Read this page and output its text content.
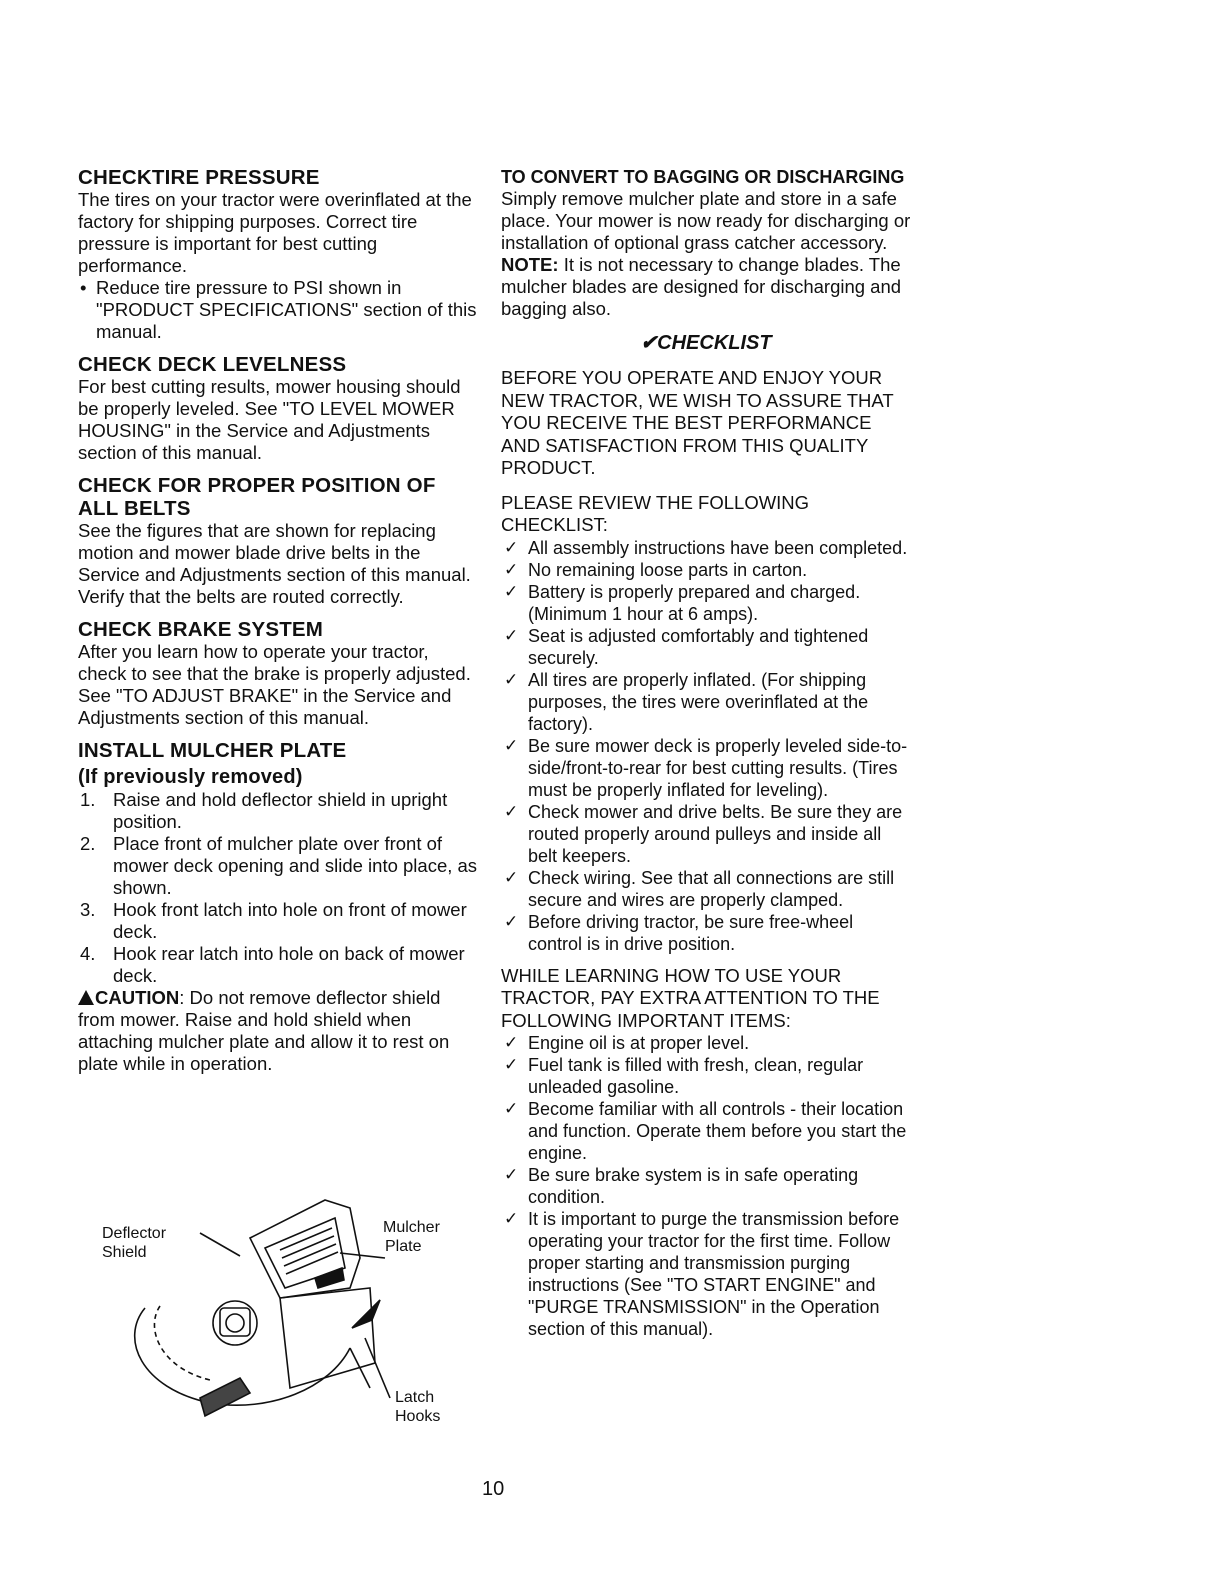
CHECKTIRE PRESSURE

The tires on your tractor were overinflated at the factory for shipping purposes. Correct tire pressure is important for best cutting performance.

• Reduce tire pressure to PSI shown in "PRODUCT SPECIFICATIONS" section of this manual.
CHECK DECK LEVELNESS

For best cutting results, mower housing should be properly leveled. See "TO LEVEL MOWER HOUSING" in the Service and Adjustments section of this manual.

CHECK FOR PROPER POSITION OF ALL BELTS

See the figures that are shown for replacing motion and mower blade drive belts in the Service and Adjustments section of this manual. Verify that the belts are routed correctly.

CHECK BRAKE SYSTEM

After you learn how to operate your tractor, check to see that the brake is properly adjusted. See "TO ADJUST BRAKE" in the Service and Adjustments section of this manual.

INSTALL MULCHER PLATE
(If previously removed)
1. Raise and hold deflector shield in upright position.
2. Place front of mulcher plate over front of mower deck opening and slide into place, as shown.
3. Hook front latch into hole on front of mower deck.
4. Hook rear latch into hole on back of mower deck.

CAUTION: Do not remove deflector shield from mower. Raise and hold shield when attaching mulcher plate and allow it to rest on plate while in operation.

Deflector
Shield
Mulcher
Plate
Latch
Hooks
TO CONVERT TO BAGGING OR DISCHARGING

Simply remove mulcher plate and store in a safe place. Your mower is now ready for discharging or installation of optional grass catcher accessory.

NOTE: It is not necessary to change blades. The mulcher blades are designed for discharging and bagging also.

✔CHECKLIST

BEFORE YOU OPERATE AND ENJOY YOUR NEW TRACTOR, WE WISH TO ASSURE THAT YOU RECEIVE THE BEST PERFORMANCE AND SATISFACTION FROM THIS QUALITY PRODUCT.

PLEASE REVIEW THE FOLLOWING CHECKLIST:

✓ All assembly instructions have been completed.
✓ No remaining loose parts in carton.
✓ Battery is properly prepared and charged. (Minimum 1 hour at 6 amps).
✓ Seat is adjusted comfortably and tightened securely.
✓ All tires are properly inflated. (For shipping purposes, the tires were overinflated at the factory).
✓ Be sure mower deck is properly leveled side-to-side/front-to-rear for best cutting results. (Tires must be properly inflated for leveling).
✓ Check mower and drive belts. Be sure they are routed properly around pulleys and inside all belt keepers.
✓ Check wiring. See that all connections are still secure and wires are properly clamped.
✓ Before driving tractor, be sure free-wheel control is in drive position.

WHILE LEARNING HOW TO USE YOUR TRACTOR, PAY EXTRA ATTENTION TO THE FOLLOWING IMPORTANT ITEMS:

✓ Engine oil is at proper level.
✓ Fuel tank is filled with fresh, clean, regular unleaded gasoline.
✓ Become familiar with all controls - their location and function. Operate them before you start the engine.
✓ Be sure brake system is in safe operating condition.
✓ It is important to purge the transmission before operating your tractor for the first time. Follow proper starting and transmission purging instructions (See "TO START ENGINE" and "PURGE TRANSMISSION" in the Operation section of this manual).
10
